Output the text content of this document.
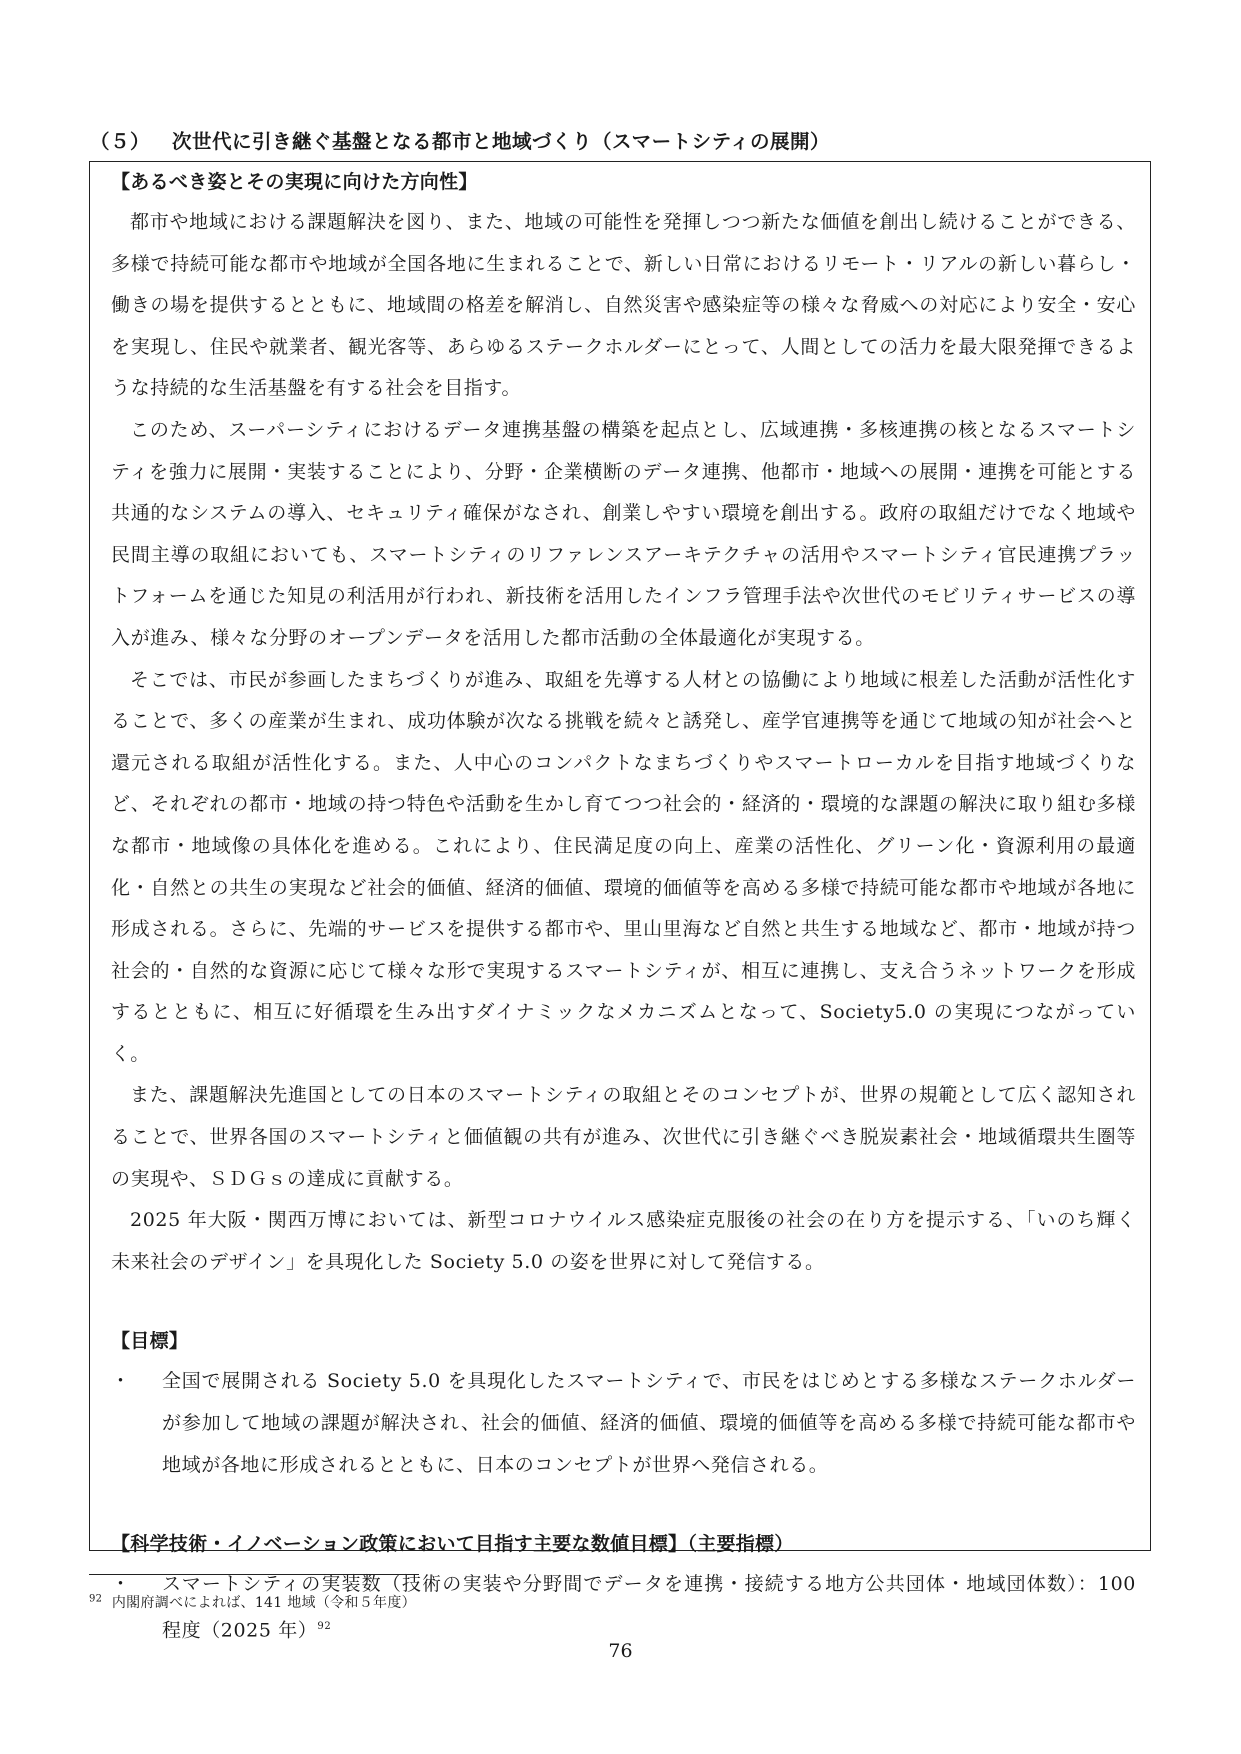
（５） 次世代に引き継ぐ基盤となる都市と地域づくり（スマートシティの展開）
【あるべき姿とその実現に向けた方向性】

都市や地域における課題解決を図り、また、地域の可能性を発揮しつつ新たな価値を創出し続けることができる、多様で持続可能な都市や地域が全国各地に生まれることで、新しい日常におけるリモート・リアルの新しい暮らし・働きの場を提供するとともに、地域間の格差を解消し、自然災害や感染症等の様々な脅威への対応により安全・安心を実現し、住民や就業者、観光客等、あらゆるステークホルダーにとって、人間としての活力を最大限発揮できるような持続的な生活基盤を有する社会を目指す。

このため、スーパーシティにおけるデータ連携基盤の構築を起点とし、広域連携・多核連携の核となるスマートシティを強力に展開・実装することにより、分野・企業横断のデータ連携、他都市・地域への展開・連携を可能とする共通的なシステムの導入、セキュリティ確保がなされ、創業しやすい環境を創出する。政府の取組だけでなく地域や民間主導の取組においても、スマートシティのリファレンスアーキテクチャの活用やスマートシティ官民連携プラットフォームを通じた知見の利活用が行われ、新技術を活用したインフラ管理手法や次世代のモビリティサービスの導入が進み、様々な分野のオープンデータを活用した都市活動の全体最適化が実現する。

そこでは、市民が参画したまちづくりが進み、取組を先導する人材との協働により地域に根差した活動が活性化することで、多くの産業が生まれ、成功体験が次なる挑戦を続々と誘発し、産学官連携等を通じて地域の知が社会へと還元される取組が活性化する。また、人中心のコンパクトなまちづくりやスマートローカルを目指す地域づくりなど、それぞれの都市・地域の持つ特色や活動を生かし育てつつ社会的・経済的・環境的な課題の解決に取り組む多様な都市・地域像の具体化を進める。これにより、住民満足度の向上、産業の活性化、グリーン化・資源利用の最適化・自然との共生の実現など社会的価値、経済的価値、環境的価値等を高める多様で持続可能な都市や地域が各地に形成される。さらに、先端的サービスを提供する都市や、里山里海など自然と共生する地域など、都市・地域が持つ社会的・自然的な資源に応じて様々な形で実現するスマートシティが、相互に連携し、支え合うネットワークを形成するとともに、相互に好循環を生み出すダイナミックなメカニズムとなって、Society5.0 の実現につながっていく。

また、課題解決先進国としての日本のスマートシティの取組とそのコンセプトが、世界の規範として広く認知されることで、世界各国のスマートシティと価値観の共有が進み、次世代に引き継ぐべき脱炭素社会・地域循環共生圏等の実現や、ＳＤＧｓの達成に貢献する。

2025 年大阪・関西万博においては、新型コロナウイルス感染症克服後の社会の在り方を提示する、「いのち輝く未来社会のデザイン」を具現化した Society 5.0 の姿を世界に対して発信する。

【目標】
・ 全国で展開される Society 5.0 を具現化したスマートシティで、市民をはじめとする多様なステークホルダーが参加して地域の課題が解決され、社会的価値、経済的価値、環境的価値等を高める多様で持続可能な都市や地域が各地に形成されるとともに、日本のコンセプトが世界へ発信される。
【科学技術・イノベーション政策において目指す主要な数値目標】（主要指標）
・ スマートシティの実装数（技術の実装や分野間でデータを連携・接続する地方公共団体・地域団体数）：100 程度（2025 年）$^{92}$
$^{92}$ 内閣府調べによれば、141 地域（令和５年度）
76
